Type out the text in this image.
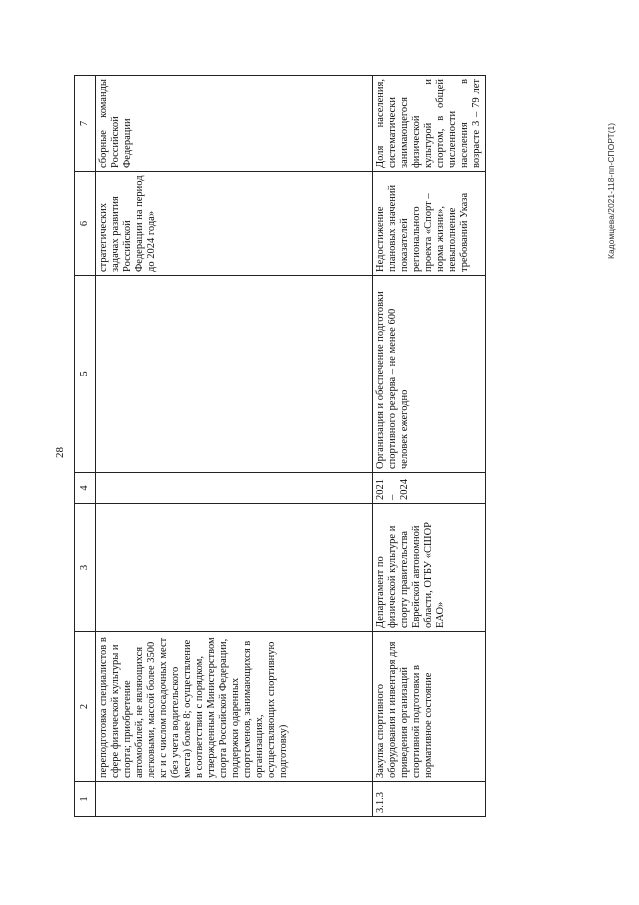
28
Кадомцева/2021-118-пп-СПОРТ(1)
1	2	3	4	5	6	7
	переподготовка специалистов в сфере физической культуры и спорта; приобретение автомобилей, не являющихся легковыми, массой более 3500 кг и с числом посадочных мест (без учета водительского места) более 8; осуществление в соответствии с порядком, утвержденным Министерством спорта Российской Федерации, поддержки одаренных спортсменов, занимающихся в организациях, осуществляющих спортивную подготовку)				стратегических задачах развития Российской Федерации на период до 2024 года»	сборные команды Российской Федерации
3.1.3	Закупка спортивного оборудования и инвентаря для приведения организаций спортивной подготовки в нормативное состояние	Департамент по физической культуре и спорту правительства Еврейской автономной области, ОГБУ «СШОР ЕАО»	2021 – 2024	Организация и обеспечение подготовки спортивного резерва – не менее 600 человек ежегодно	Недостижение плановых значений показателей регионального проекта «Спорт – норма жизни», невыполнение требований Указа	Доля населения, систематически занимающегося физической культурой и спортом, в общей численности населения в возрасте 3 – 79 лет
